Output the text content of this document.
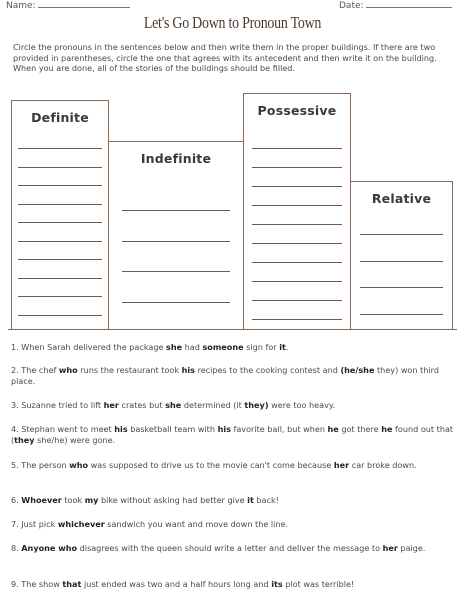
Name:	Date:
Let's Go Down to Pronoun Town
Circle the pronouns in the sentences below and then write them in the proper buildings. If there are two provided in parentheses, circle the one that agrees with its antecedent and then write it on the building. When you are done, all of the stories of the buildings should be filled.
Definite
Indefinite
Possessive
Relative
1. When Sarah delivered the package she had someone sign for it.
2. The chef who runs the restaurant took his recipes to the cooking contest and (he/she they) won third place.
3. Suzanne tried to lift her crates but she determined (it they) were too heavy.
4. Stephan went to meet his basketball team with his favorite ball, but when he got there he found out that (they she/he) were gone.
5. The person who was supposed to drive us to the movie can't come because her car broke down.
6. Whoever took my bike without asking had better give it back!
7. Just pick whichever sandwich you want and move down the line.
8. Anyone who disagrees with the queen should write a letter and deliver the message to her paige.
9. The show that just ended was two and a half hours long and its plot was terrible!
